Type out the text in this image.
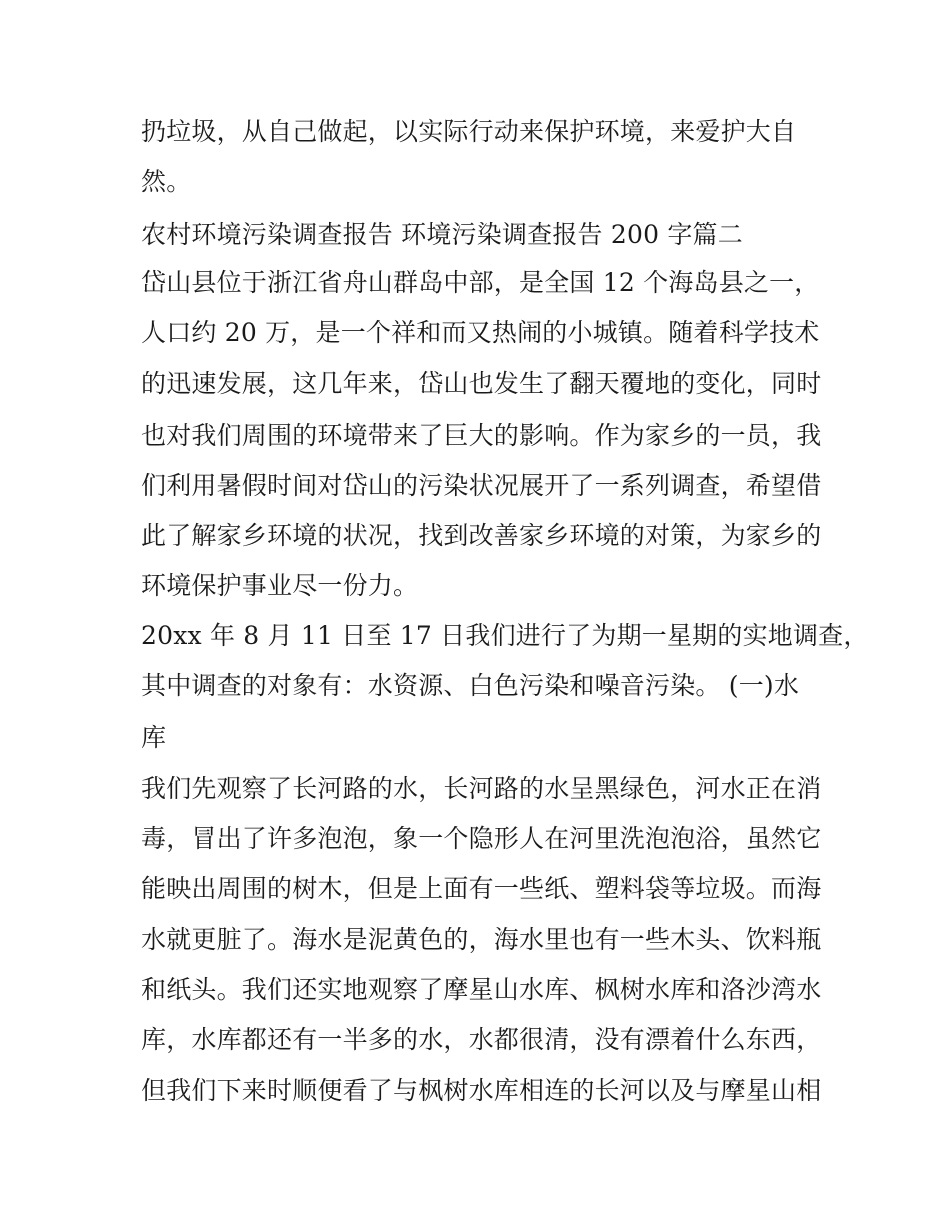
扔垃圾，从自己做起，以实际行动来保护环境，来爱护大自
然。
农村环境污染调查报告 环境污染调查报告 200 字篇二
岱山县位于浙江省舟山群岛中部，是全国 12 个海岛县之一，
人口约 20 万，是一个祥和而又热闹的小城镇。随着科学技术
的迅速发展，这几年来，岱山也发生了翻天覆地的变化，同时
也对我们周围的环境带来了巨大的影响。作为家乡的一员，我
们利用暑假时间对岱山的污染状况展开了一系列调查，希望借
此了解家乡环境的状况，找到改善家乡环境的对策，为家乡的
环境保护事业尽一份力。
20xx 年 8 月 11 日至 17 日我们进行了为期一星期的实地调查，
其中调查的对象有：水资源、白色污染和噪音污染。 (一)水
库
我们先观察了长河路的水，长河路的水呈黑绿色，河水正在消
毒，冒出了许多泡泡，象一个隐形人在河里洗泡泡浴，虽然它
能映出周围的树木，但是上面有一些纸、塑料袋等垃圾。而海
水就更脏了。海水是泥黄色的，海水里也有一些木头、饮料瓶
和纸头。我们还实地观察了摩星山水库、枫树水库和洛沙湾水
库，水库都还有一半多的水，水都很清，没有漂着什么东西，
但我们下来时顺便看了与枫树水库相连的长河以及与摩星山相
